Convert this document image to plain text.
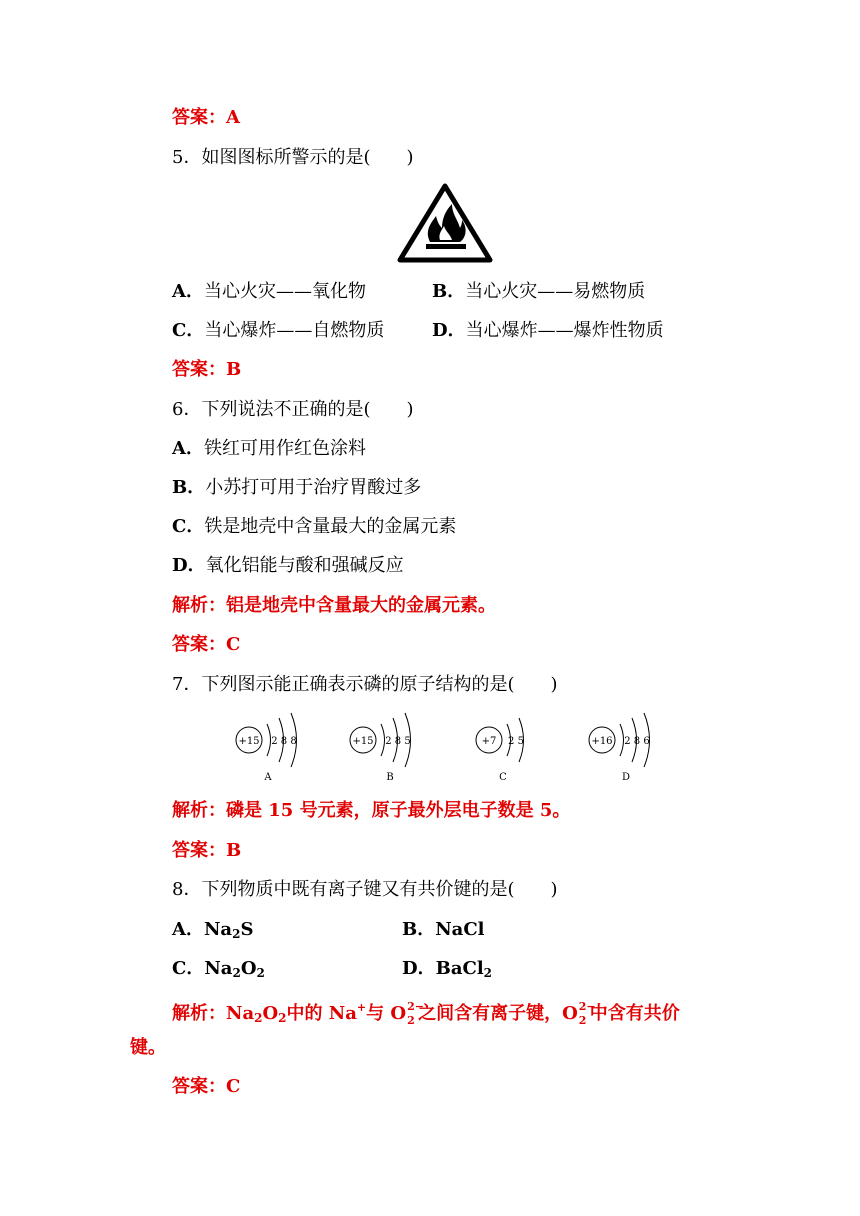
答案：A
5．如图图标所警示的是(　　)
A．当心火灾——氧化物	B．当心火灾——易燃物质
C．当心爆炸——自燃物质	D．当心爆炸——爆炸性物质
答案：B
6．下列说法不正确的是(　　)
A．铁红可用作红色涂料
B．小苏打可用于治疗胃酸过多
C．铁是地壳中含量最大的金属元素
D．氧化铝能与酸和强碱反应
解析：铝是地壳中含量最大的金属元素。
答案：C
7．下列图示能正确表示磷的原子结构的是(　　)
+15 2 8 8
A
+15 2 8 5
B
+7 2 5
C
+16 2 8 6
D
解析：磷是 15 号元素，原子最外层电子数是 5。
答案：B
8．下列物质中既有离子键又有共价键的是(　　)
A．$Na_2S$	B．NaCl
C．$Na_2O_2$	D．BaCl$_2$
解析：$Na_2O_2$中的 Na+与 O 2−
2 之间含有离子键，O 2−
2 中含有共价
键。
答案：C
